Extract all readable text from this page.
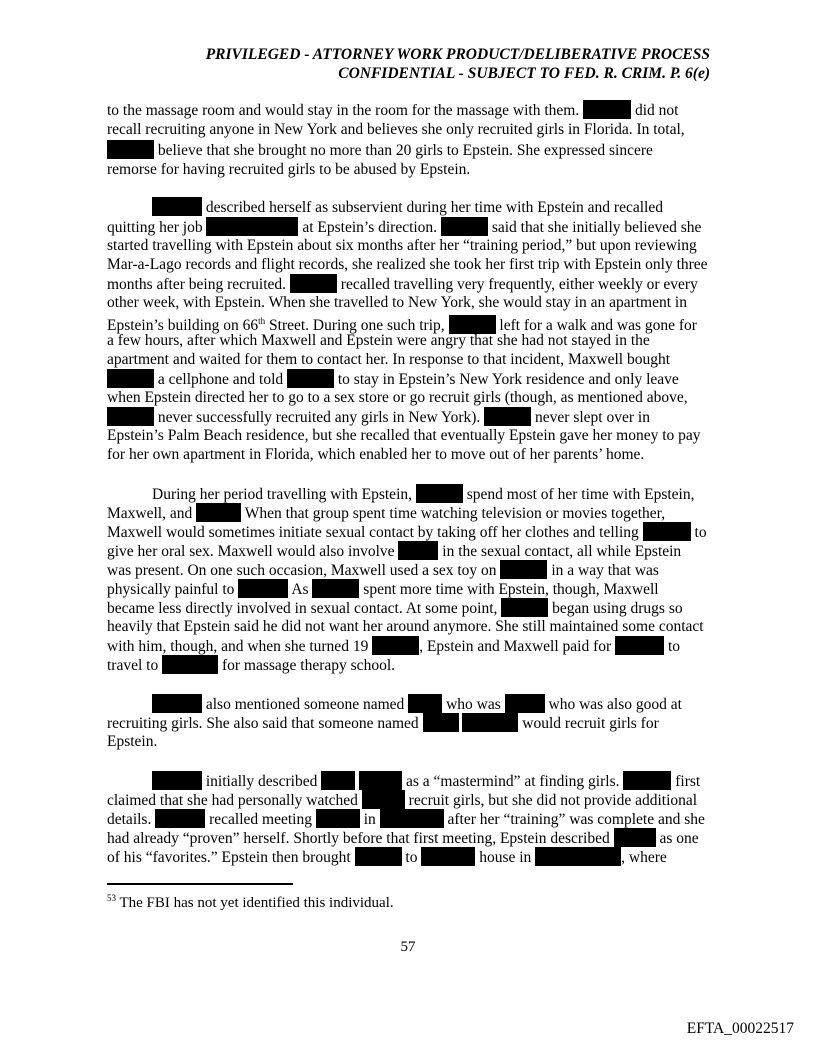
PRIVILEGED - ATTORNEY WORK PRODUCT/DELIBERATIVE PROCESS
CONFIDENTIAL - SUBJECT TO FED. R. CRIM. P. 6(e)
to the massage room and would stay in the room for the massage with them.	did not
recall recruiting anyone in New York and believes she only recruited girls in Florida. In total,
believe that she brought no more than 20 girls to Epstein. She expressed sincere
remorse for having recruited girls to be abused by Epstein.
described herself as subservient during her time with Epstein and recalled
quitting her job	at Epstein’s direction.	said that she initially believed she
started travelling with Epstein about six months after her “training period,” but upon reviewing
Mar-a-Lago records and flight records, she realized she took her first trip with Epstein only three
months after being recruited.	recalled travelling very frequently, either weekly or every
other week, with Epstein. When she travelled to New York, she would stay in an apartment in
Epstein’s building on 66th Street. During one such trip,	left for a walk and was gone for
a few hours, after which Maxwell and Epstein were angry that she had not stayed in the
apartment and waited for them to contact her. In response to that incident, Maxwell bought
a cellphone and told	to stay in Epstein’s New York residence and only leave
when Epstein directed her to go to a sex store or go recruit girls (though, as mentioned above,
never successfully recruited any girls in New York).	never slept over in
Epstein’s Palm Beach residence, but she recalled that eventually Epstein gave her money to pay
for her own apartment in Florida, which enabled her to move out of her parents’ home.
During her period travelling with Epstein,	spend most of her time with Epstein,
Maxwell, and	When that group spent time watching television or movies together,
Maxwell would sometimes initiate sexual contact by taking off her clothes and telling	to
give her oral sex. Maxwell would also involve	in the sexual contact, all while Epstein
was present. On one such occasion, Maxwell used a sex toy on	in a way that was
physically painful to	As	spent more time with Epstein, though, Maxwell
became less directly involved in sexual contact. At some point,	began using drugs so
heavily that Epstein said he did not want her around anymore. She still maintained some contact
with him, though, and when she turned 19	, Epstein and Maxwell paid for	to
travel to	for massage therapy school.
also mentioned someone named  who was	who was also good at
recruiting girls. She also said that someone named	would recruit girls for
Epstein.
initially described	as a “mastermind” at finding girls.	first
claimed that she had personally watched	recruit girls, but she did not provide additional
details.	recalled meeting	in	after her “training” was complete and she
had already “proven” herself. Shortly before that first meeting, Epstein described	as one
of his “favorites.” Epstein then brought	to	house in	, where
$^{53}$ The FBI has not yet identified this individual.
57
EFTA_00022517
